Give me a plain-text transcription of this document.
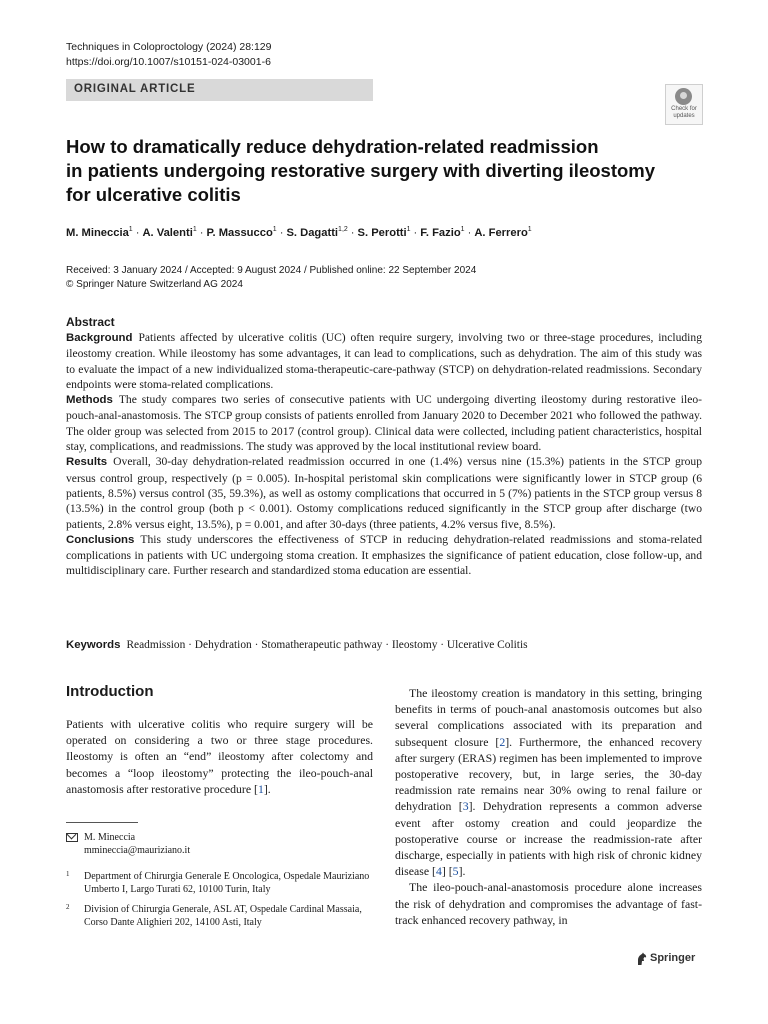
Techniques in Coloproctology (2024) 28:129
https://doi.org/10.1007/s10151-024-03001-6
ORIGINAL ARTICLE
Check for
updates
How to dramatically reduce dehydration-related readmission
in patients undergoing restorative surgery with diverting ileostomy
for ulcerative colitis
M. Mineccia$^1$ · A. Valenti$^1$ · P. Massucco$^1$ · S. Dagatti$^{1,2}$ · S. Perotti$^1$ · F. Fazio$^1$ · A. Ferrero$^1$
Received: 3 January 2024 / Accepted: 9 August 2024 / Published online: 22 September 2024
© Springer Nature Switzerland AG 2024
Abstract
Background Patients affected by ulcerative colitis (UC) often require surgery, involving two or three-stage procedures, including ileostomy creation. While ileostomy has some advantages, it can lead to complications, such as dehydration. The aim of this study was to evaluate the impact of a new individualized stoma-therapeutic-care-pathway (STCP) on dehydration-related readmissions. Secondary endpoints were stoma-related complications.
Methods The study compares two series of consecutive patients with UC undergoing diverting ileostomy during restorative ileo-pouch-anal-anastomosis. The STCP group consists of patients enrolled from January 2020 to December 2021 who followed the pathway. The older group was selected from 2015 to 2017 (control group). Clinical data were collected, including patient characteristics, hospital stay, complications, and readmissions. The study was approved by the local institutional review board.
Results Overall, 30-day dehydration-related readmission occurred in one (1.4%) versus nine (15.3%) patients in the STCP group versus control group, respectively (p = 0.005). In-hospital peristomal skin complications were significantly lower in STCP group (6 patients, 8.5%) versus control (35, 59.3%), as well as ostomy complications that occurred in 5 (7%) patients in the STCP group versus 8 (13.5%) in the control group (both p < 0.001). Ostomy complications reduced significantly in the STCP group after discharge (two patients, 2.8% versus eight, 13.5%), p = 0.001, and after 30-days (three patients, 4.2% versus five, 8.5%).
Conclusions This study underscores the effectiveness of STCP in reducing dehydration-related readmissions and stoma-related complications in patients with UC undergoing stoma creation. It emphasizes the significance of patient education, close follow-up, and multidisciplinary care. Further research and standardized stoma education are essential.
Keywords Readmission · Dehydration · Stomatherapeutic pathway · Ileostomy · Ulcerative Colitis
Introduction

Patients with ulcerative colitis who require surgery will be operated on considering a two or three stage procedures. Ileostomy is often an “end” ileostomy after colectomy and becomes a “loop ileostomy” protecting the ileo-pouch-anal anastomosis after restorative procedure [1].

The ileostomy creation is mandatory in this setting, bringing benefits in terms of pouch-anal anastomosis outcomes but also several complications associated with its preparation and subsequent closure [2]. Furthermore, the enhanced recovery after surgery (ERAS) regimen has been implemented to improve postoperative recovery, but, in large series, the 30-day readmission rate remains near 30% owing to renal failure or dehydration [3]. Dehydration represents a common adverse event after ostomy creation and could jeopardize the postoperative course or increase the readmission-rate after discharge, especially in patients with high risk of chronic kidney disease [4] [5].

The ileo-pouch-anal-anastomosis procedure alone increases the risk of dehydration and compromises the advantage of fast-track enhanced recovery pathway, in

M. Mineccia
mmineccia@mauriziano.it
1 Department of Chirurgia Generale E Oncologica, Ospedale Mauriziano Umberto I, Largo Turati 62, 10100 Turin, Italy
2 Division of Chirurgia Generale, ASL AT, Ospedale Cardinal Massaia, Corso Dante Alighieri 202, 14100 Asti, Italy
Springer
